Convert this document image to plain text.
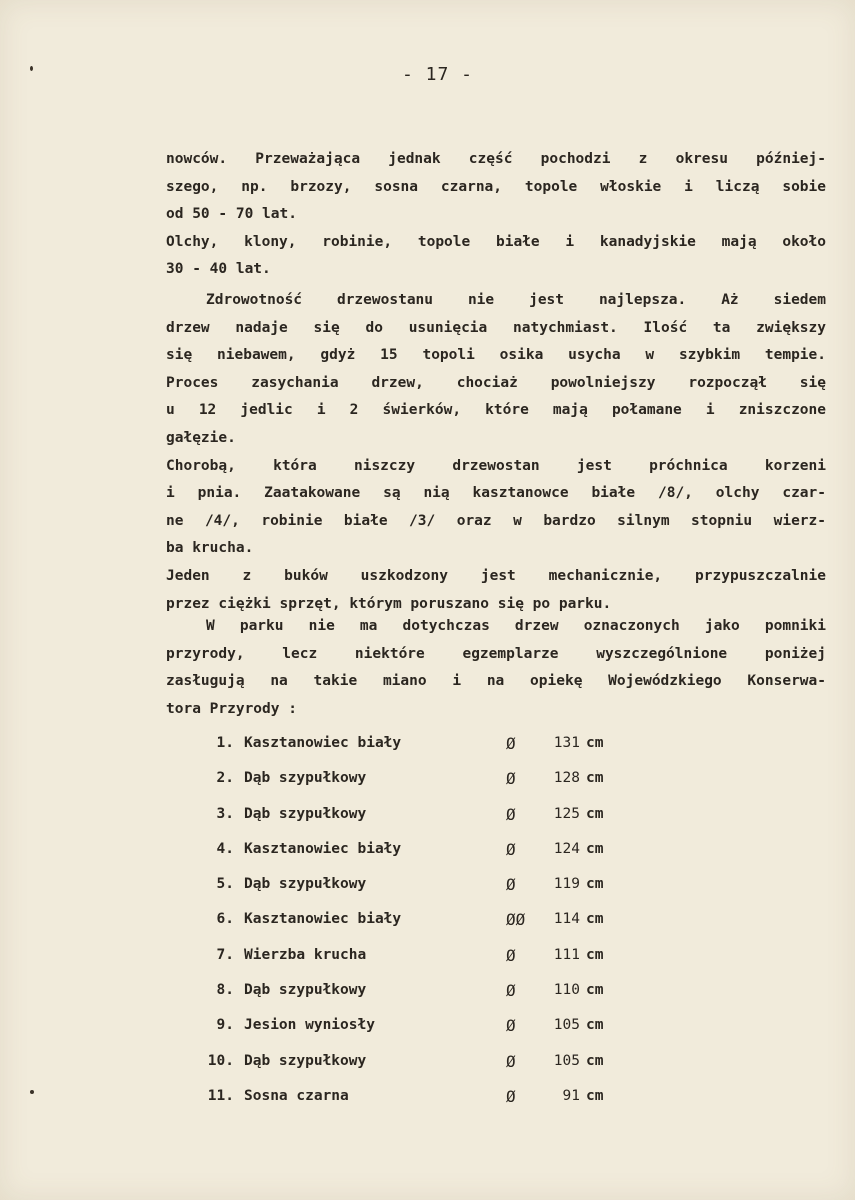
- 17 -

nowców. Przeważająca jednak część pochodzi z okresu później-
szego, np. brzozy, sosna czarna, topole włoskie i liczą sobie
od 50 - 70 lat.
Olchy, klony, robinie, topole białe i kanadyjskie mają około
30 - 40 lat.

Zdrowotność drzewostanu nie jest najlepsza. Aż siedem
drzew nadaje się do usunięcia natychmiast. Ilość ta zwiększy
się niebawem, gdyż 15 topoli osika usycha w szybkim tempie.
Proces zasychania drzew, chociaż powolniejszy rozpoczął się
u 12 jedlic i 2 świerków, które mają połamane i zniszczone
gałęzie.
Chorobą, która niszczy drzewostan jest próchnica korzeni
i pnia. Zaatakowane są nią kasztanowce białe /8/, olchy czar-
ne /4/, robinie białe /3/ oraz w bardzo silnym stopniu wierz-
ba krucha.
Jeden z buków uszkodzony jest mechanicznie, przypuszczalnie
przez ciężki sprzęt, którym poruszano się po parku.

W parku nie ma dotychczas drzew oznaczonych jako pomniki
przyrody, lecz niektóre egzemplarze wyszczególnione poniżej
zasługują na takie miano i na opiekę Wojewódzkiego Konserwa-
tora Przyrody :

1. Kasztanowiec biały	Ø	131 cm
2. Dąb szypułkowy	Ø	128 cm
3. Dąb szypułkowy	Ø	125 cm
4. Kasztanowiec biały	Ø	124 cm
5. Dąb szypułkowy	Ø	119 cm
6. Kasztanowiec biały	ØØ	114 cm
7. Wierzba krucha	Ø	111 cm
8. Dąb szypułkowy	Ø	110 cm
9. Jesion wyniosły	Ø	105 cm
10. Dąb szypułkowy	Ø	105 cm
11. Sosna czarna	Ø	91 cm
